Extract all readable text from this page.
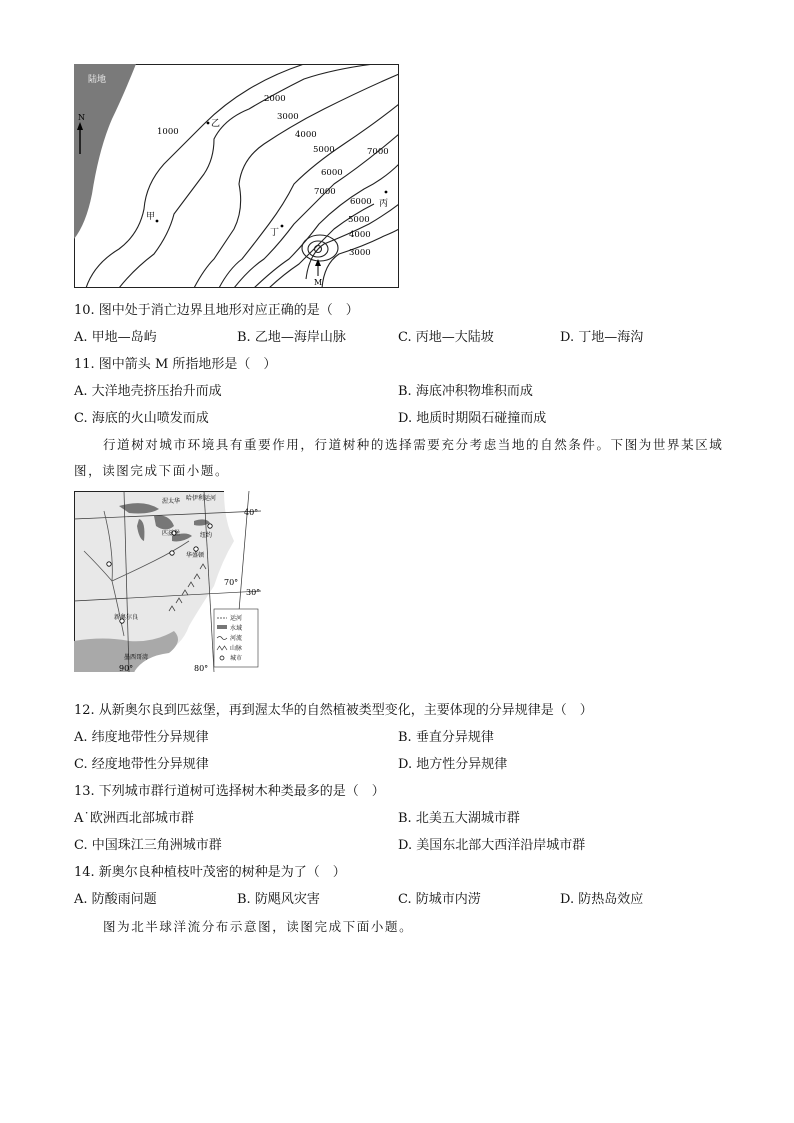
陆地
N
1000
2000
3000
4000
5000	7000
6000
7000
6000
5000
4000
3000
乙
甲
丁
丙
M
10. 图中处于消亡边界且地形对应正确的是（　）
A. 甲地—岛屿	B. 乙地—海岸山脉	C. 丙地—大陆坡	D. 丁地—海沟
11. 图中箭头 M 所指地形是（　）
A. 大洋地壳挤压抬升而成	B. 海底冲积物堆积而成
C. 海底的火山喷发而成	D. 地质时期陨石碰撞而成
行道树对城市环境具有重要作用，行道树种的选择需要充分考虑当地的自然条件。下图为世界某区域
图，读图完成下面小题。
渥太华 哈伊利运河
匹兹堡	纽约
华盛顿
新奥尔良
墨西哥湾
40°
30°
70°
90°	80°
运河
水域
河流
山脉
城市
12. 从新奥尔良到匹兹堡，再到渥太华的自然植被类型变化，主要体现的分异规律是（　）
A. 纬度地带性分异规律	B. 垂直分异规律
C. 经度地带性分异规律	D. 地方性分异规律
13. 下列城市群行道树可选择树木种类最多的是（　）
A˙欧洲西北部城市群	B. 北美五大湖城市群
C. 中国珠江三角洲城市群	D. 美国东北部大西洋沿岸城市群
14. 新奥尔良种植枝叶茂密的树种是为了（　）
A. 防酸雨问题	B. 防飓风灾害	C. 防城市内涝	D. 防热岛效应
图为北半球洋流分布示意图，读图完成下面小题。
